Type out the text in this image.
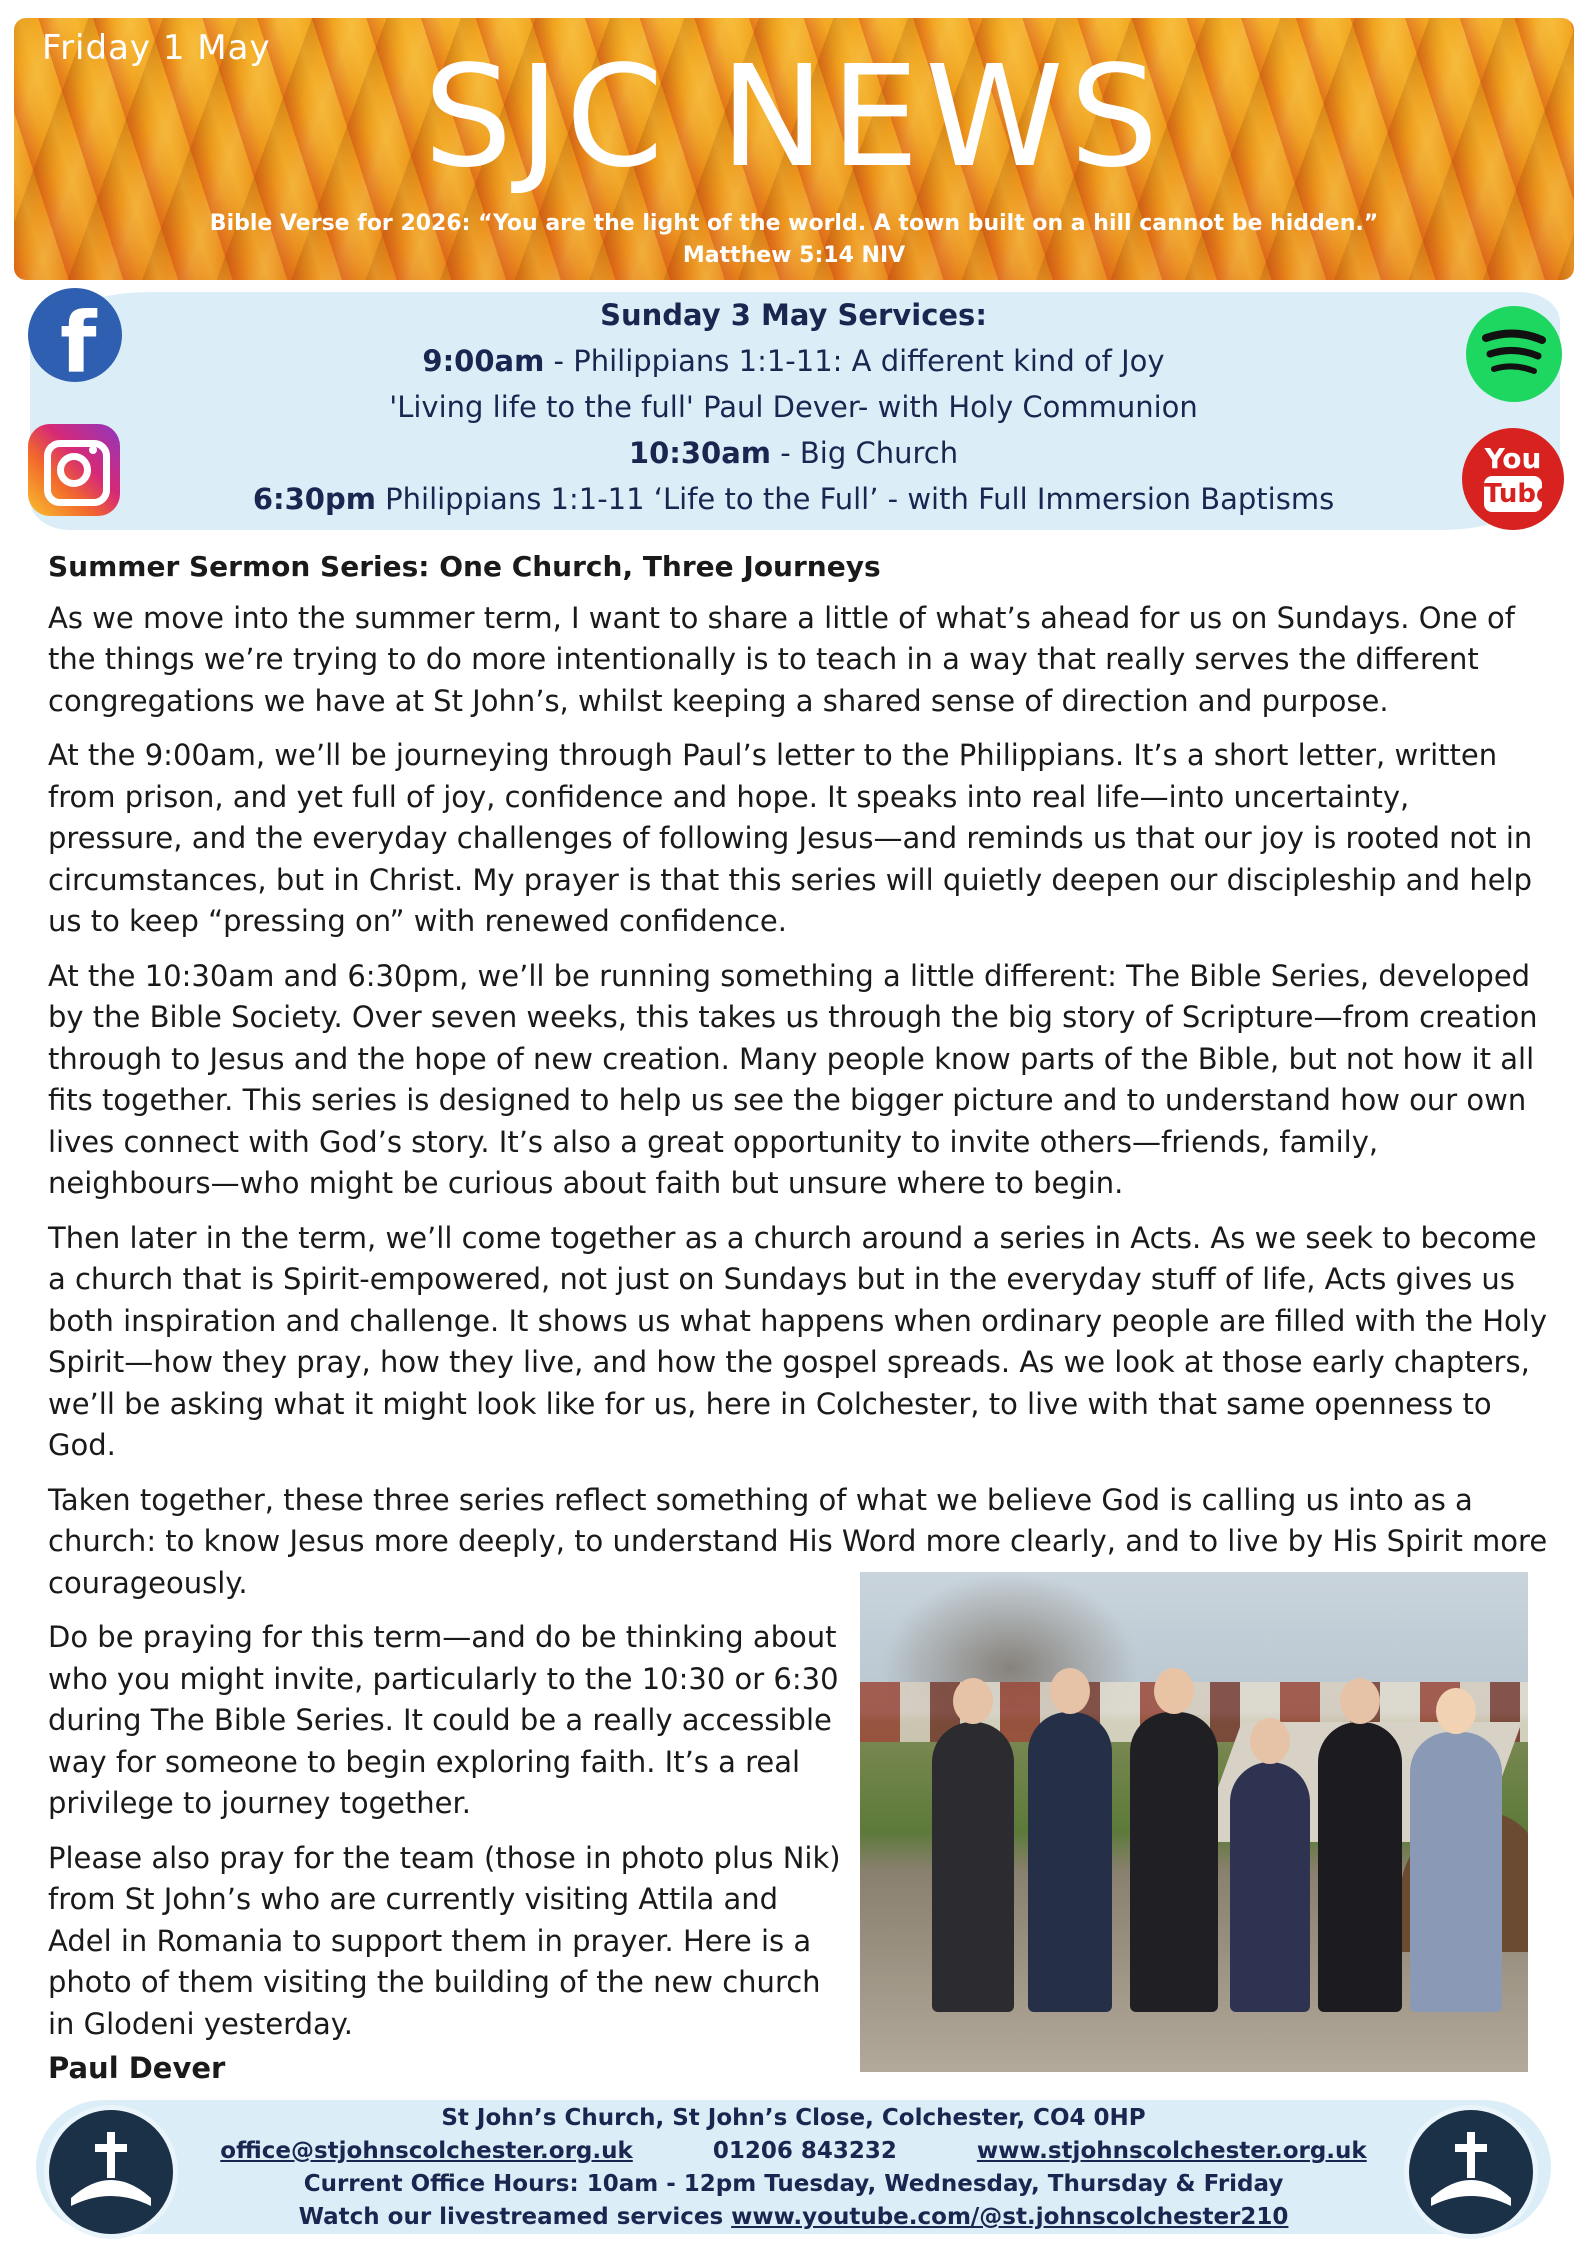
Friday 1 May	SJC NEWS
Bible Verse for 2026: “You are the light of the world. A town built on a hill cannot be hidden.”
Matthew 5:14 NIV
Sunday 3 May Services:
9:00am - Philippians 1:1-11: A different kind of Joy
'Living life to the full' Paul Dever- with Holy Communion
10:30am - Big Church
6:30pm Philippians 1:1-11 ‘Life to the Full’ - with Full Immersion Baptisms
f
You
Tube
Summer Sermon Series: One Church, Three Journeys

As we move into the summer term, I want to share a little of what’s ahead for us on Sundays. One of the things we’re trying to do more intentionally is to teach in a way that really serves the different congregations we have at St John’s, whilst keeping a shared sense of direction and purpose.

At the 9:00am, we’ll be journeying through Paul’s letter to the Philippians. It’s a short letter, written from prison, and yet full of joy, confidence and hope. It speaks into real life—into uncertainty, pressure, and the everyday challenges of following Jesus—and reminds us that our joy is rooted not in circumstances, but in Christ. My prayer is that this series will quietly deepen our discipleship and help us to keep “pressing on” with renewed confidence.

At the 10:30am and 6:30pm, we’ll be running something a little different: The Bible Series, developed by the Bible Society. Over seven weeks, this takes us through the big story of Scripture—from creation through to Jesus and the hope of new creation. Many people know parts of the Bible, but not how it all fits together. This series is designed to help us see the bigger picture and to understand how our own lives connect with God’s story. It’s also a great opportunity to invite others—friends, family, neighbours—who might be curious about faith but unsure where to begin.

Then later in the term, we’ll come together as a church around a series in Acts. As we seek to become a church that is Spirit-empowered, not just on Sundays but in the everyday stuff of life, Acts gives us both inspiration and challenge. It shows us what happens when ordinary people are filled with the Holy Spirit—how they pray, how they live, and how the gospel spreads. As we look at those early chapters, we’ll be asking what it might look like for us, here in Colchester, to live with that same openness to God.

Taken together, these three series reflect something of what we believe God is calling us into as a church: to know Jesus more deeply, to understand His Word more clearly, and to live by His Spirit more courageously.

Do be praying for this term—and do be thinking about who you might invite, particularly to the 10:30 or 6:30 during The Bible Series. It could be a really accessible way for someone to begin exploring faith. It’s a real privilege to journey together.

Please also pray for the team (those in photo plus Nik) from St John’s who are currently visiting Attila and Adel in Romania to support them in prayer. Here is a photo of them visiting the building of the new church in Glodeni yesterday.

Paul Dever
St John’s Church, St John’s Close, Colchester, CO4 0HP
office@stjohnscolchester.org.uk	01206 843232	www.stjohnscolchester.org.uk
Current Office Hours: 10am - 12pm Tuesday, Wednesday, Thursday & Friday
Watch our livestreamed services www.youtube.com/@st.johnscolchester210
